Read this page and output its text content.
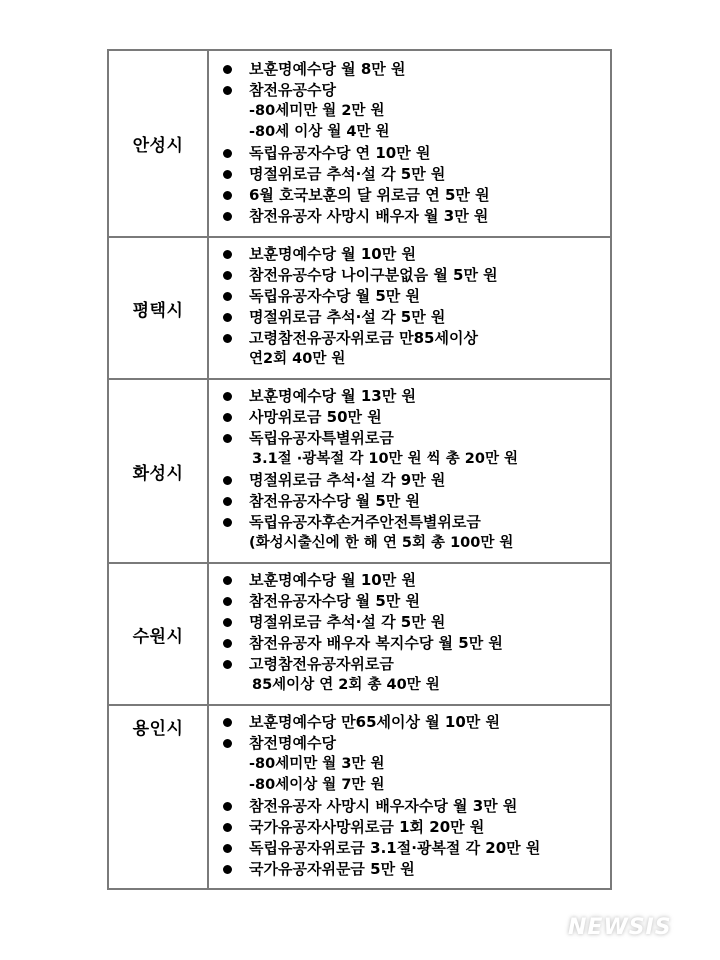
안성시	
보훈명예수당 월 8만 원
참전유공수당
-80세미만 월 2만 원
-80세 이상 월 4만 원
독립유공자수당 연 10만 원
명절위로금 추석·설 각 5만 원
6월 호국보훈의 달 위로금 연 5만 원
참전유공자 사망시 배우자 월 3만 원

평택시	
보훈명예수당 월 10만 원
참전유공수당 나이구분없음 월 5만 원
독립유공자수당 월 5만 원
명절위로금 추석·설 각 5만 원
고령참전유공자위로금 만85세이상
연2회 40만 원

화성시	
보훈명예수당 월 13만 원
사망위로금 50만 원
독립유공자특별위로금
3.1절 ·광복절 각 10만 원 씩 총 20만 원
명절위로금 추석·설 각 9만 원
참전유공자수당 월 5만 원
독립유공자후손거주안전특별위로금
(화성시출신에 한 해 연 5회 총 100만 원

수원시	
보훈명예수당 월 10만 원
참전유공자수당 월 5만 원
명절위로금 추석·설 각 5만 원
참전유공자 배우자 복지수당 월 5만 원
고령참전유공자위로금
85세이상 연 2회 총 40만 원

용인시	보훈명예수당 만65세이상 월 10만 원
참전명예수당
-80세미만 월 3만 원
-80세이상 월 7만 원
참전유공자 사망시 배우자수당 월 3만 원
국가유공자사망위로금 1회 20만 원
독립유공자위로금 3.1절·광복절 각 20만 원
국가유공자위문금 5만 원
NEWSIS
